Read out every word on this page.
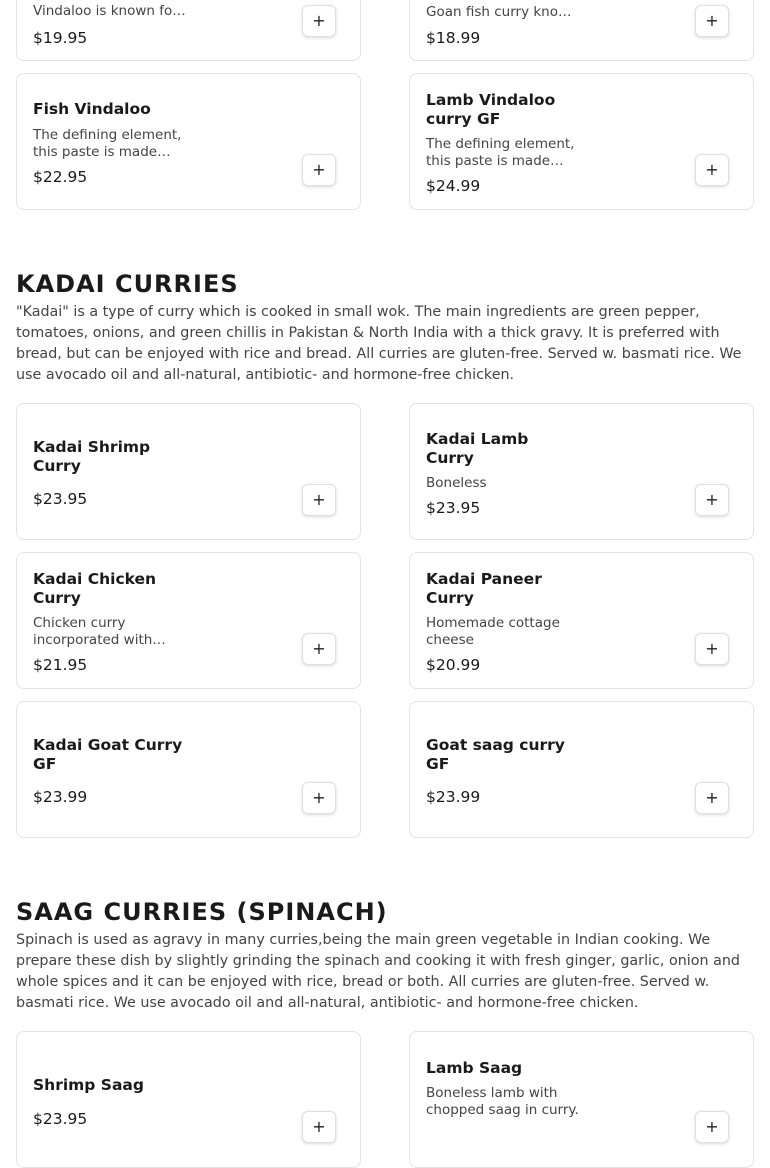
Vindaloo is known fo…
$19.95
+	Goan fish curry kno…
$18.99
+
Fish Vindaloo
The defining element, this paste is made…
$22.95	+
Lamb Vindaloo curry GF
The defining element, this paste is made…
$24.99
+
KADAI CURRIES
"Kadai" is a type of curry which is cooked in small wok. The main ingredients are green pepper, tomatoes, onions, and green chillis in Pakistan & North India with a thick gravy. It is preferred with bread, but can be enjoyed with rice and bread. All curries are gluten-free. Served w. basmati rice. We use avocado oil and all-natural, antibiotic- and hormone-free chicken.
Kadai Shrimp Curry
$23.95	+
Kadai Lamb Curry
Boneless
$23.95	+
Kadai Chicken Curry
Chicken curry incorporated with…
$21.95
+
Kadai Paneer Curry
Homemade cottage cheese
$20.99
+
Kadai Goat Curry GF
$23.99	+
Goat saag curry GF
$23.99	+
SAAG CURRIES (SPINACH)
Spinach is used as agravy in many curries,being the main green vegetable in Indian cooking. We prepare these dish by slightly grinding the spinach and cooking it with fresh ginger, garlic, onion and whole spices and it can be enjoyed with rice, bread or both. All curries are gluten-free. Served w. basmati rice. We use avocado oil and all-natural, antibiotic- and hormone-free chicken.
Shrimp Saag
$23.95	+
Lamb Saag
Boneless lamb with chopped saag in curry.
+
